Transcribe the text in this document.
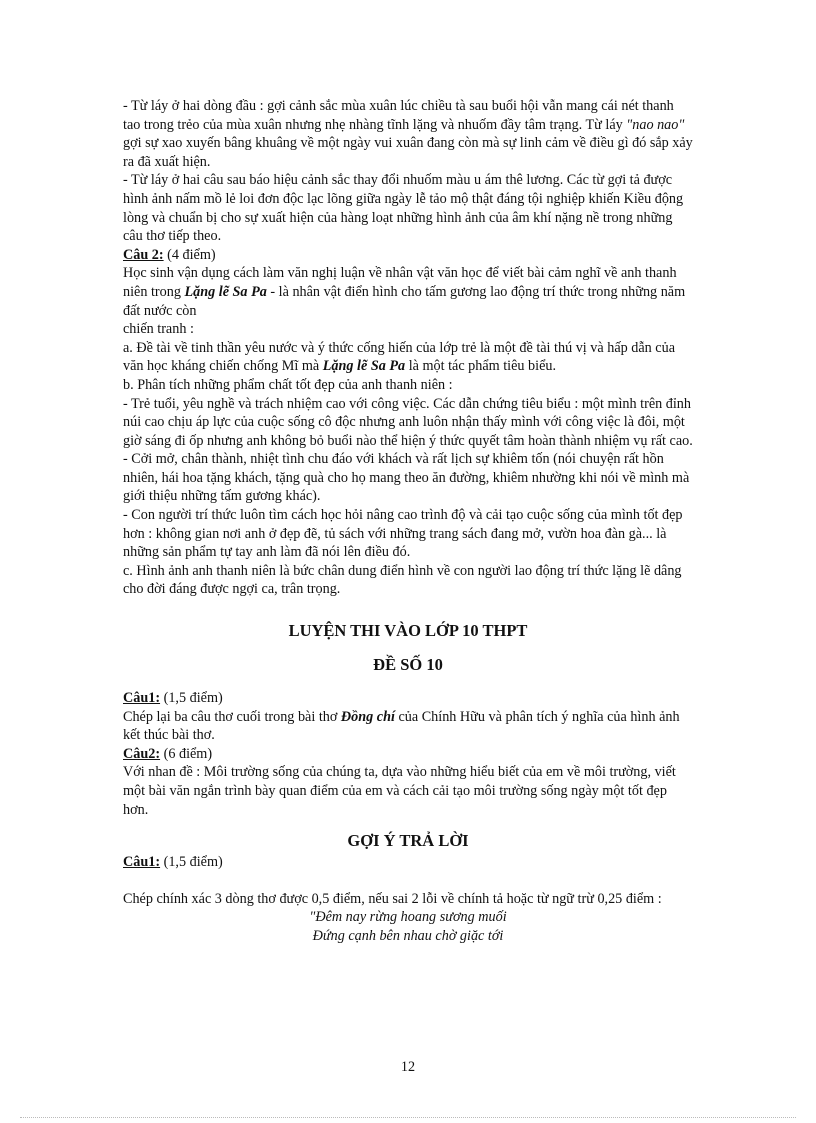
- Từ láy ở hai dòng đầu : gợi cảnh sắc mùa xuân lúc chiều tà sau buổi hội vẫn mang cái nét thanh tao trong trẻo của mùa xuân nhưng nhẹ nhàng tĩnh lặng và nhuốm đầy tâm trạng. Từ láy "nao nao" gợi sự xao xuyến bâng khuâng về một ngày vui xuân đang còn mà sự linh cảm về điều gì đó sắp xảy ra đã xuất hiện.

- Từ láy ở hai câu sau báo hiệu cảnh sắc thay đổi nhuốm màu u ám thê lương. Các từ gợi tả được hình ảnh nấm mồ lẻ loi đơn độc lạc lõng giữa ngày lễ tảo mộ thật đáng tội nghiệp khiến Kiều động lòng và chuẩn bị cho sự xuất hiện của hàng loạt những hình ảnh của âm khí nặng nề trong những câu thơ tiếp theo.

Câu 2: (4 điểm)

Học sinh vận dụng cách làm văn nghị luận về nhân vật văn học để viết bài cảm nghĩ về anh thanh niên trong Lặng lẽ Sa Pa - là nhân vật điển hình cho tấm gương lao động trí thức trong những năm đất nước còn

chiến tranh :

a. Đề tài về tinh thần yêu nước và ý thức cống hiến của lớp trẻ là một đề tài thú vị và hấp dẫn của văn học kháng chiến chống Mĩ mà Lặng lẽ Sa Pa là một tác phẩm tiêu biểu.

b. Phân tích những phẩm chất tốt đẹp của anh thanh niên :

- Trẻ tuổi, yêu nghề và trách nhiệm cao với công việc. Các dẫn chứng tiêu biểu : một mình trên đỉnh núi cao chịu áp lực của cuộc sống cô độc nhưng anh luôn nhận thấy mình với công việc là đôi, một giờ sáng đi ốp nhưng anh không bỏ buổi nào thể hiện ý thức quyết tâm hoàn thành nhiệm vụ rất cao.

- Cởi mở, chân thành, nhiệt tình chu đáo với khách và rất lịch sự khiêm tốn (nói chuyện rất hồn nhiên, hái hoa tặng khách, tặng quà cho họ mang theo ăn đường, khiêm nhường khi nói về mình mà giới thiệu những tấm gương khác).

- Con người trí thức luôn tìm cách học hỏi nâng cao trình độ và cải tạo cuộc sống của mình tốt đẹp hơn : không gian nơi anh ở đẹp đẽ, tủ sách với những trang sách đang mở, vườn hoa đàn gà... là những sản phẩm tự tay anh làm đã nói lên điều đó.

c. Hình ảnh anh thanh niên là bức chân dung điển hình về con người lao động trí thức lặng lẽ dâng cho đời đáng được ngợi ca, trân trọng.

LUYỆN THI VÀO LỚP 10 THPT

ĐỀ SỐ 10

Câu1: (1,5 điểm)

Chép lại ba câu thơ cuối trong bài thơ Đồng chí của Chính Hữu và phân tích ý nghĩa của hình ảnh kết thúc bài thơ.

Câu2: (6 điểm)

Với nhan đề : Môi trường sống của chúng ta, dựa vào những hiểu biết của em về môi trường, viết một bài văn ngắn trình bày quan điểm của em và cách cải tạo môi trường sống ngày một tốt đẹp hơn.

GỢI Ý TRẢ LỜI

Câu1: (1,5 điểm)

Chép chính xác 3 dòng thơ được 0,5 điểm, nếu sai 2 lỗi về chính tả hoặc từ ngữ trừ 0,25 điểm :

"Đêm nay rừng hoang sương muối

Đứng cạnh bên nhau chờ giặc tới

12
